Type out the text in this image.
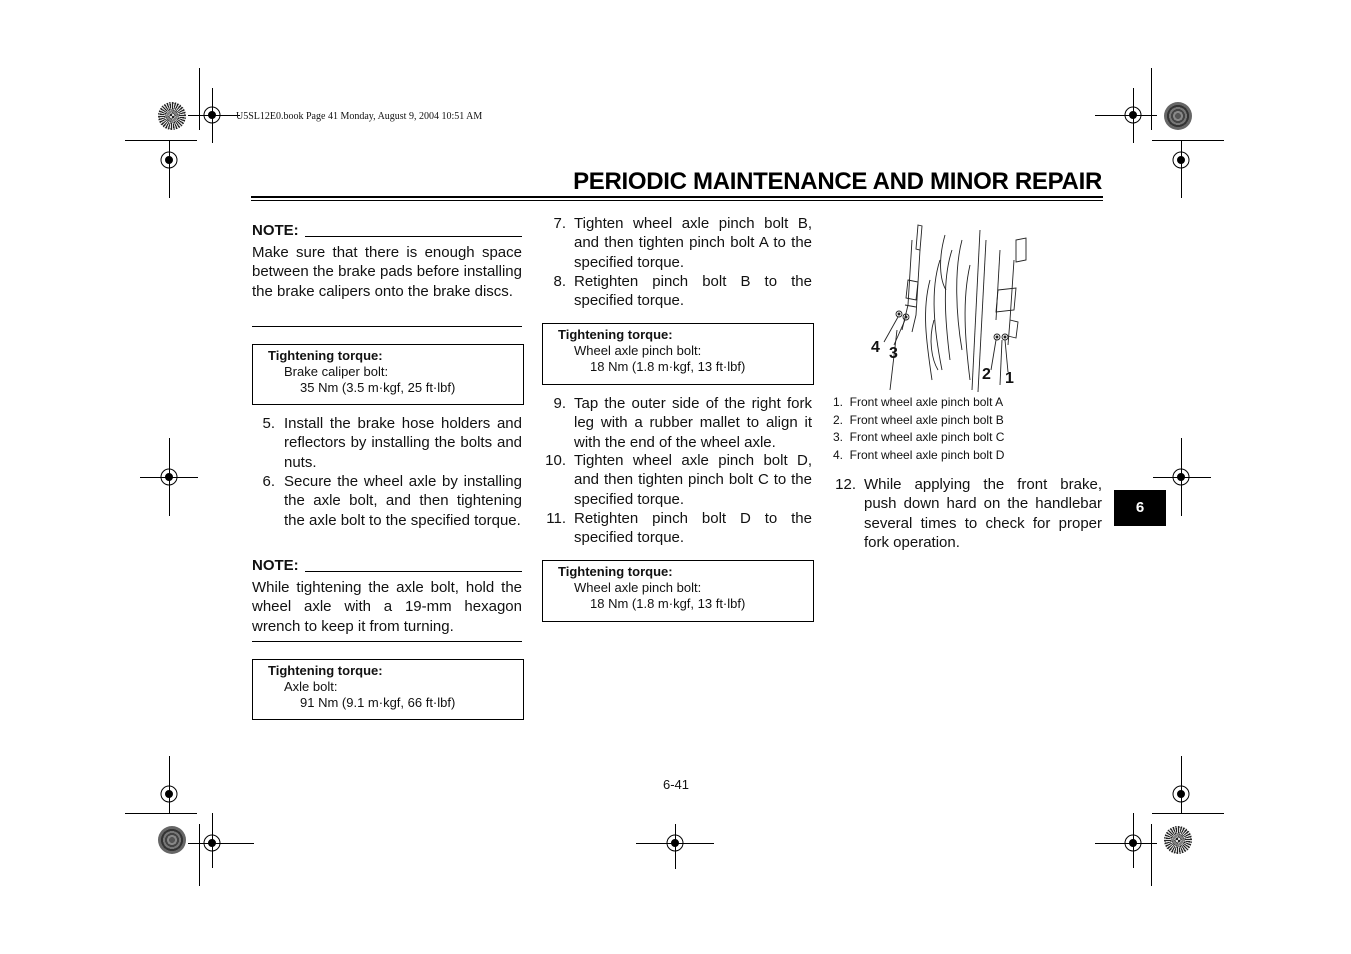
U5SL12E0.book Page 41 Monday, August 9, 2004 10:51 AM
PERIODIC MAINTENANCE AND MINOR REPAIR
NOTE:
Make sure that there is enough space between the brake pads before installing the brake calipers onto the brake discs.
Tightening torque:
Brake caliper bolt:
35 Nm (3.5 m·kgf, 25 ft·lbf)
5. Install the brake hose holders and reflectors by installing the bolts and nuts.
6. Secure the wheel axle by installing the axle bolt, and then tightening the axle bolt to the specified torque.
NOTE:
While tightening the axle bolt, hold the wheel axle with a 19-mm hexagon wrench to keep it from turning.
Tightening torque:
Axle bolt:
91 Nm (9.1 m·kgf, 66 ft·lbf)
7. Tighten wheel axle pinch bolt B, and then tighten pinch bolt A to the specified torque.
8. Retighten pinch bolt B to the specified torque.
Tightening torque:
Wheel axle pinch bolt:
18 Nm (1.8 m·kgf, 13 ft·lbf)
9. Tap the outer side of the right fork leg with a rubber mallet to align it with the end of the wheel axle.
10. Tighten wheel axle pinch bolt D, and then tighten pinch bolt C to the specified torque.
11. Retighten pinch bolt D to the specified torque.
Tightening torque:
Wheel axle pinch bolt:
18 Nm (1.8 m·kgf, 13 ft·lbf)
4 3
2 1
1.  Front wheel axle pinch bolt A
2.  Front wheel axle pinch bolt B
3.  Front wheel axle pinch bolt C
4.  Front wheel axle pinch bolt D
12. While applying the front brake, push down hard on the handlebar several times to check for proper fork operation.
6
6-41
